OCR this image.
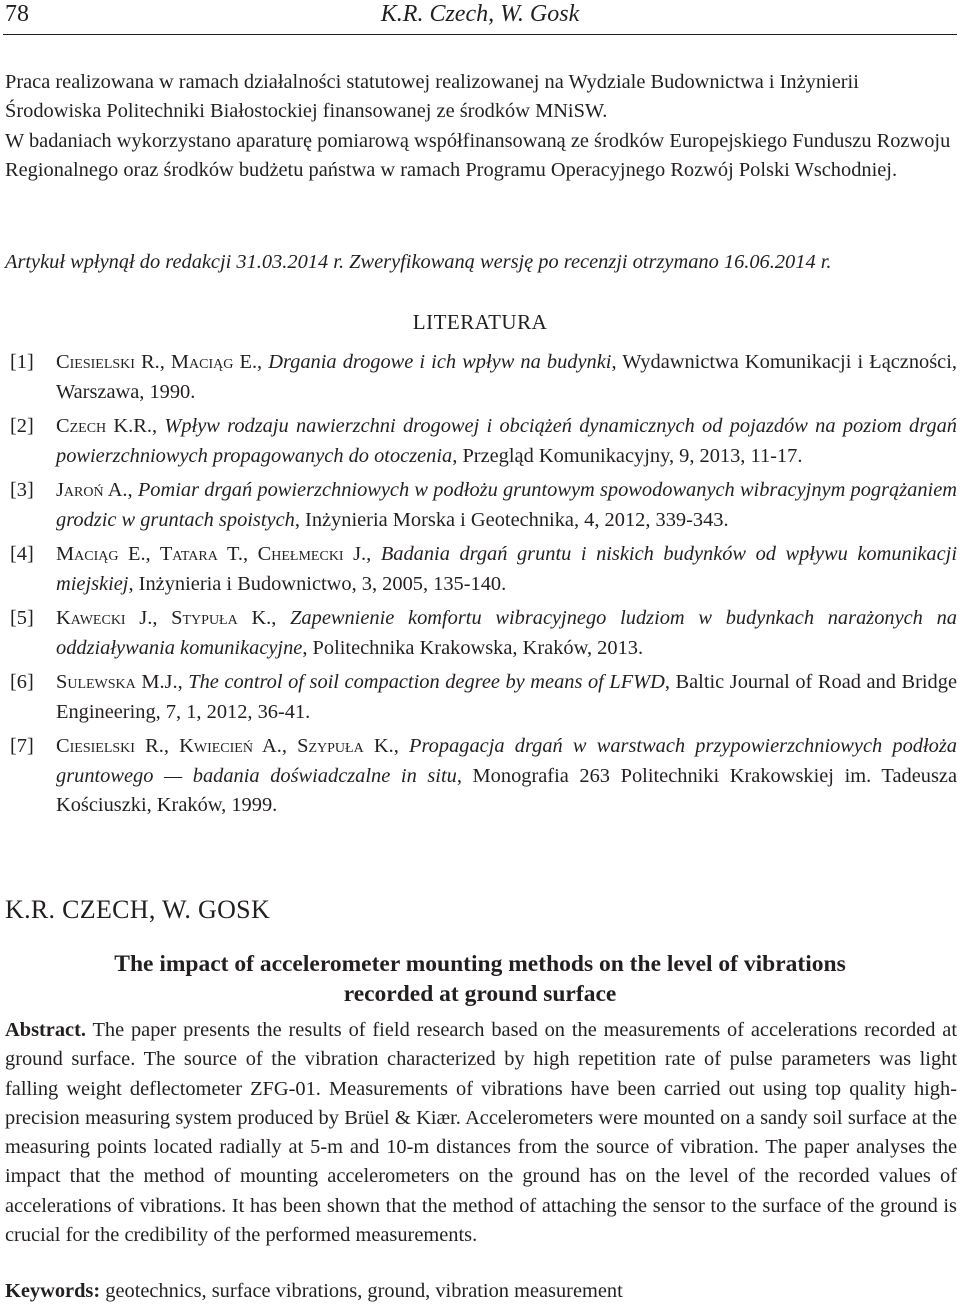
78	K.R. Czech, W. Gosk

Praca realizowana w ramach działalności statutowej realizowanej na Wydziale Budownictwa i Inżynierii Środowiska Politechniki Białostockiej finansowanej ze środków MNiSW.

W badaniach wykorzystano aparaturę pomiarową współfinansowaną ze środków Europejskiego Funduszu Rozwoju Regionalnego oraz środków budżetu państwa w ramach Programu Operacyjnego Rozwój Polski Wschodniej.

Artykuł wpłynął do redakcji 31.03.2014 r. Zweryfikowaną wersję po recenzji otrzymano 16.06.2014 r.
LITERATURA
[1] Ciesielski R., Maciąg E., Drgania drogowe i ich wpływ na budynki, Wydawnictwa Komunikacji i Łączności, Warszawa, 1990.
[2] Czech K.R., Wpływ rodzaju nawierzchni drogowej i obciążeń dynamicznych od pojazdów na poziom drgań powierzchniowych propagowanych do otoczenia, Przegląd Komunikacyjny, 9, 2013, 11-17.
[3] Jaroń A., Pomiar drgań powierzchniowych w podłożu gruntowym spowodowanych wibracyjnym pogrążaniem grodzic w gruntach spoistych, Inżynieria Morska i Geotechnika, 4, 2012, 339-343.
[4] Maciąg E., Tatara T., Chełmecki J., Badania drgań gruntu i niskich budynków od wpływu komunikacji miejskiej, Inżynieria i Budownictwo, 3, 2005, 135-140.
[5] Kawecki J., Stypuła K., Zapewnienie komfortu wibracyjnego ludziom w budynkach narażonych na oddziaływania komunikacyjne, Politechnika Krakowska, Kraków, 2013.
[6] Sulewska M.J., The control of soil compaction degree by means of LFWD, Baltic Journal of Road and Bridge Engineering, 7, 1, 2012, 36-41.
[7] Ciesielski R., Kwiecień A., Szypuła K., Propagacja drgań w warstwach przypowierzchniowych podłoża gruntowego — badania doświadczalne in situ, Monografia 263 Politechniki Krakowskiej im. Tadeusza Kościuszki, Kraków, 1999.
K.R. CZECH, W. GOSK
The impact of accelerometer mounting methods on the level of vibrations
recorded at ground surface

Abstract. The paper presents the results of field research based on the measurements of accelerations recorded at ground surface. The source of the vibration characterized by high repetition rate of pulse parameters was light falling weight deflectometer ZFG-01. Measurements of vibrations have been carried out using top quality high-precision measuring system produced by Brüel & Kiær. Accelerometers were mounted on a sandy soil surface at the measuring points located radially at 5-m and 10-m distances from the source of vibration. The paper analyses the impact that the method of mounting accelerometers on the ground has on the level of the recorded values of accelerations of vibrations. It has been shown that the method of attaching the sensor to the surface of the ground is crucial for the credibility of the performed measurements.

Keywords: geotechnics, surface vibrations, ground, vibration measurement
